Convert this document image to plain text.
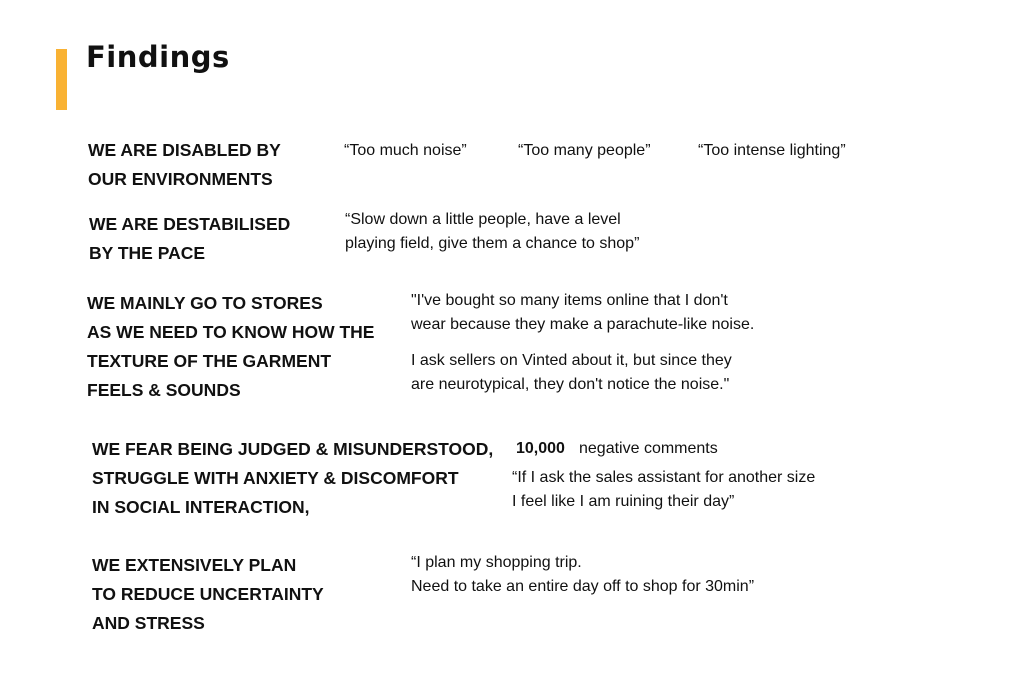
Findings
WE ARE DISABLED BY
OUR ENVIRONMENTS
“Too much noise”	“Too many people”	“Too intense lighting”
WE ARE DESTABILISED
BY THE PACE
“Slow down a little people, have a level
playing field, give them a chance to shop”
WE MAINLY GO TO STORES
AS WE NEED TO KNOW HOW THE
TEXTURE OF THE GARMENT
FEELS & SOUNDS
"I've bought so many items online that I don't
wear because they make a parachute-like noise.
I ask sellers on Vinted about it, but since they
are neurotypical, they don't notice the noise."
WE FEAR BEING JUDGED & MISUNDERSTOOD,
STRUGGLE WITH ANXIETY & DISCOMFORT
IN SOCIAL INTERACTION,
10,000 negative comments
“If I ask the sales assistant for another size
I feel like I am ruining their day”
WE EXTENSIVELY PLAN
TO REDUCE UNCERTAINTY
AND STRESS
“I plan my shopping trip.
Need to take an entire day off to shop for 30min”
